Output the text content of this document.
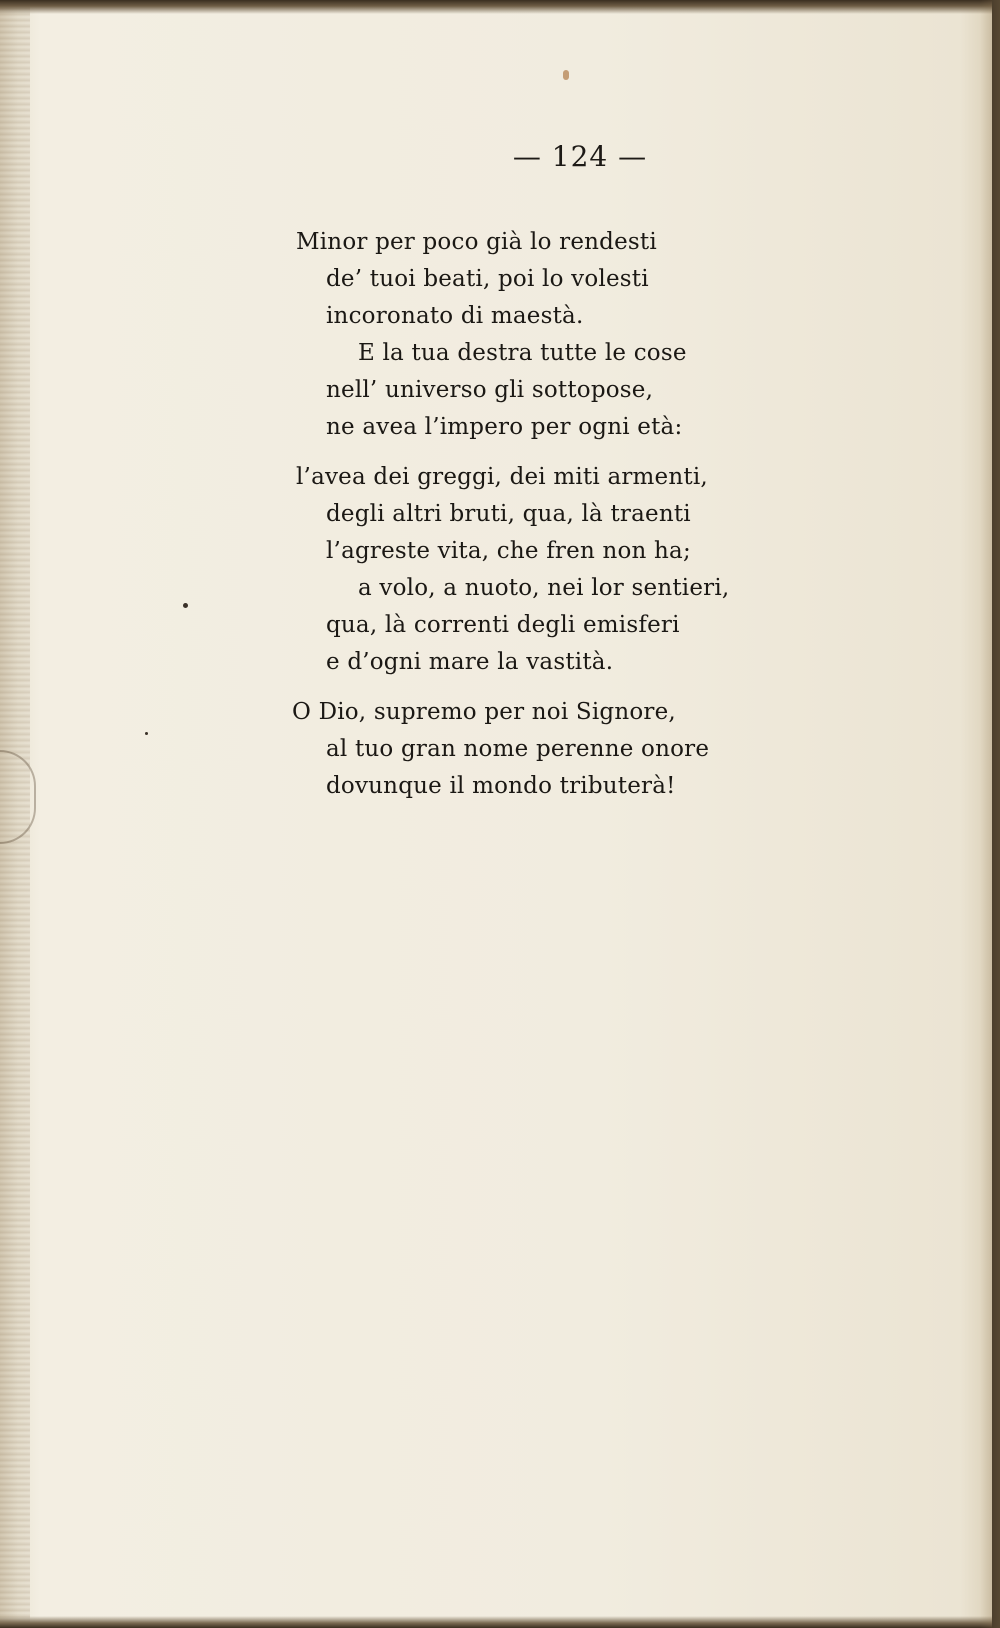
— 124 —
Minor per poco già lo rendesti
de’ tuoi beati, poi lo volesti
incoronato di maestà.
E la tua destra tutte le cose
nell’ universo gli sottopose,
ne avea l’impero per ogni età:
l’avea dei greggi, dei miti armenti,
degli altri bruti, qua, là traenti
l’agreste vita, che fren non ha;
a volo, a nuoto, nei lor sentieri,
qua, là correnti degli emisferi
e d’ogni mare la vastità.
O Dio, supremo per noi Signore,
al tuo gran nome perenne onore
dovunque il mondo tributerà!
